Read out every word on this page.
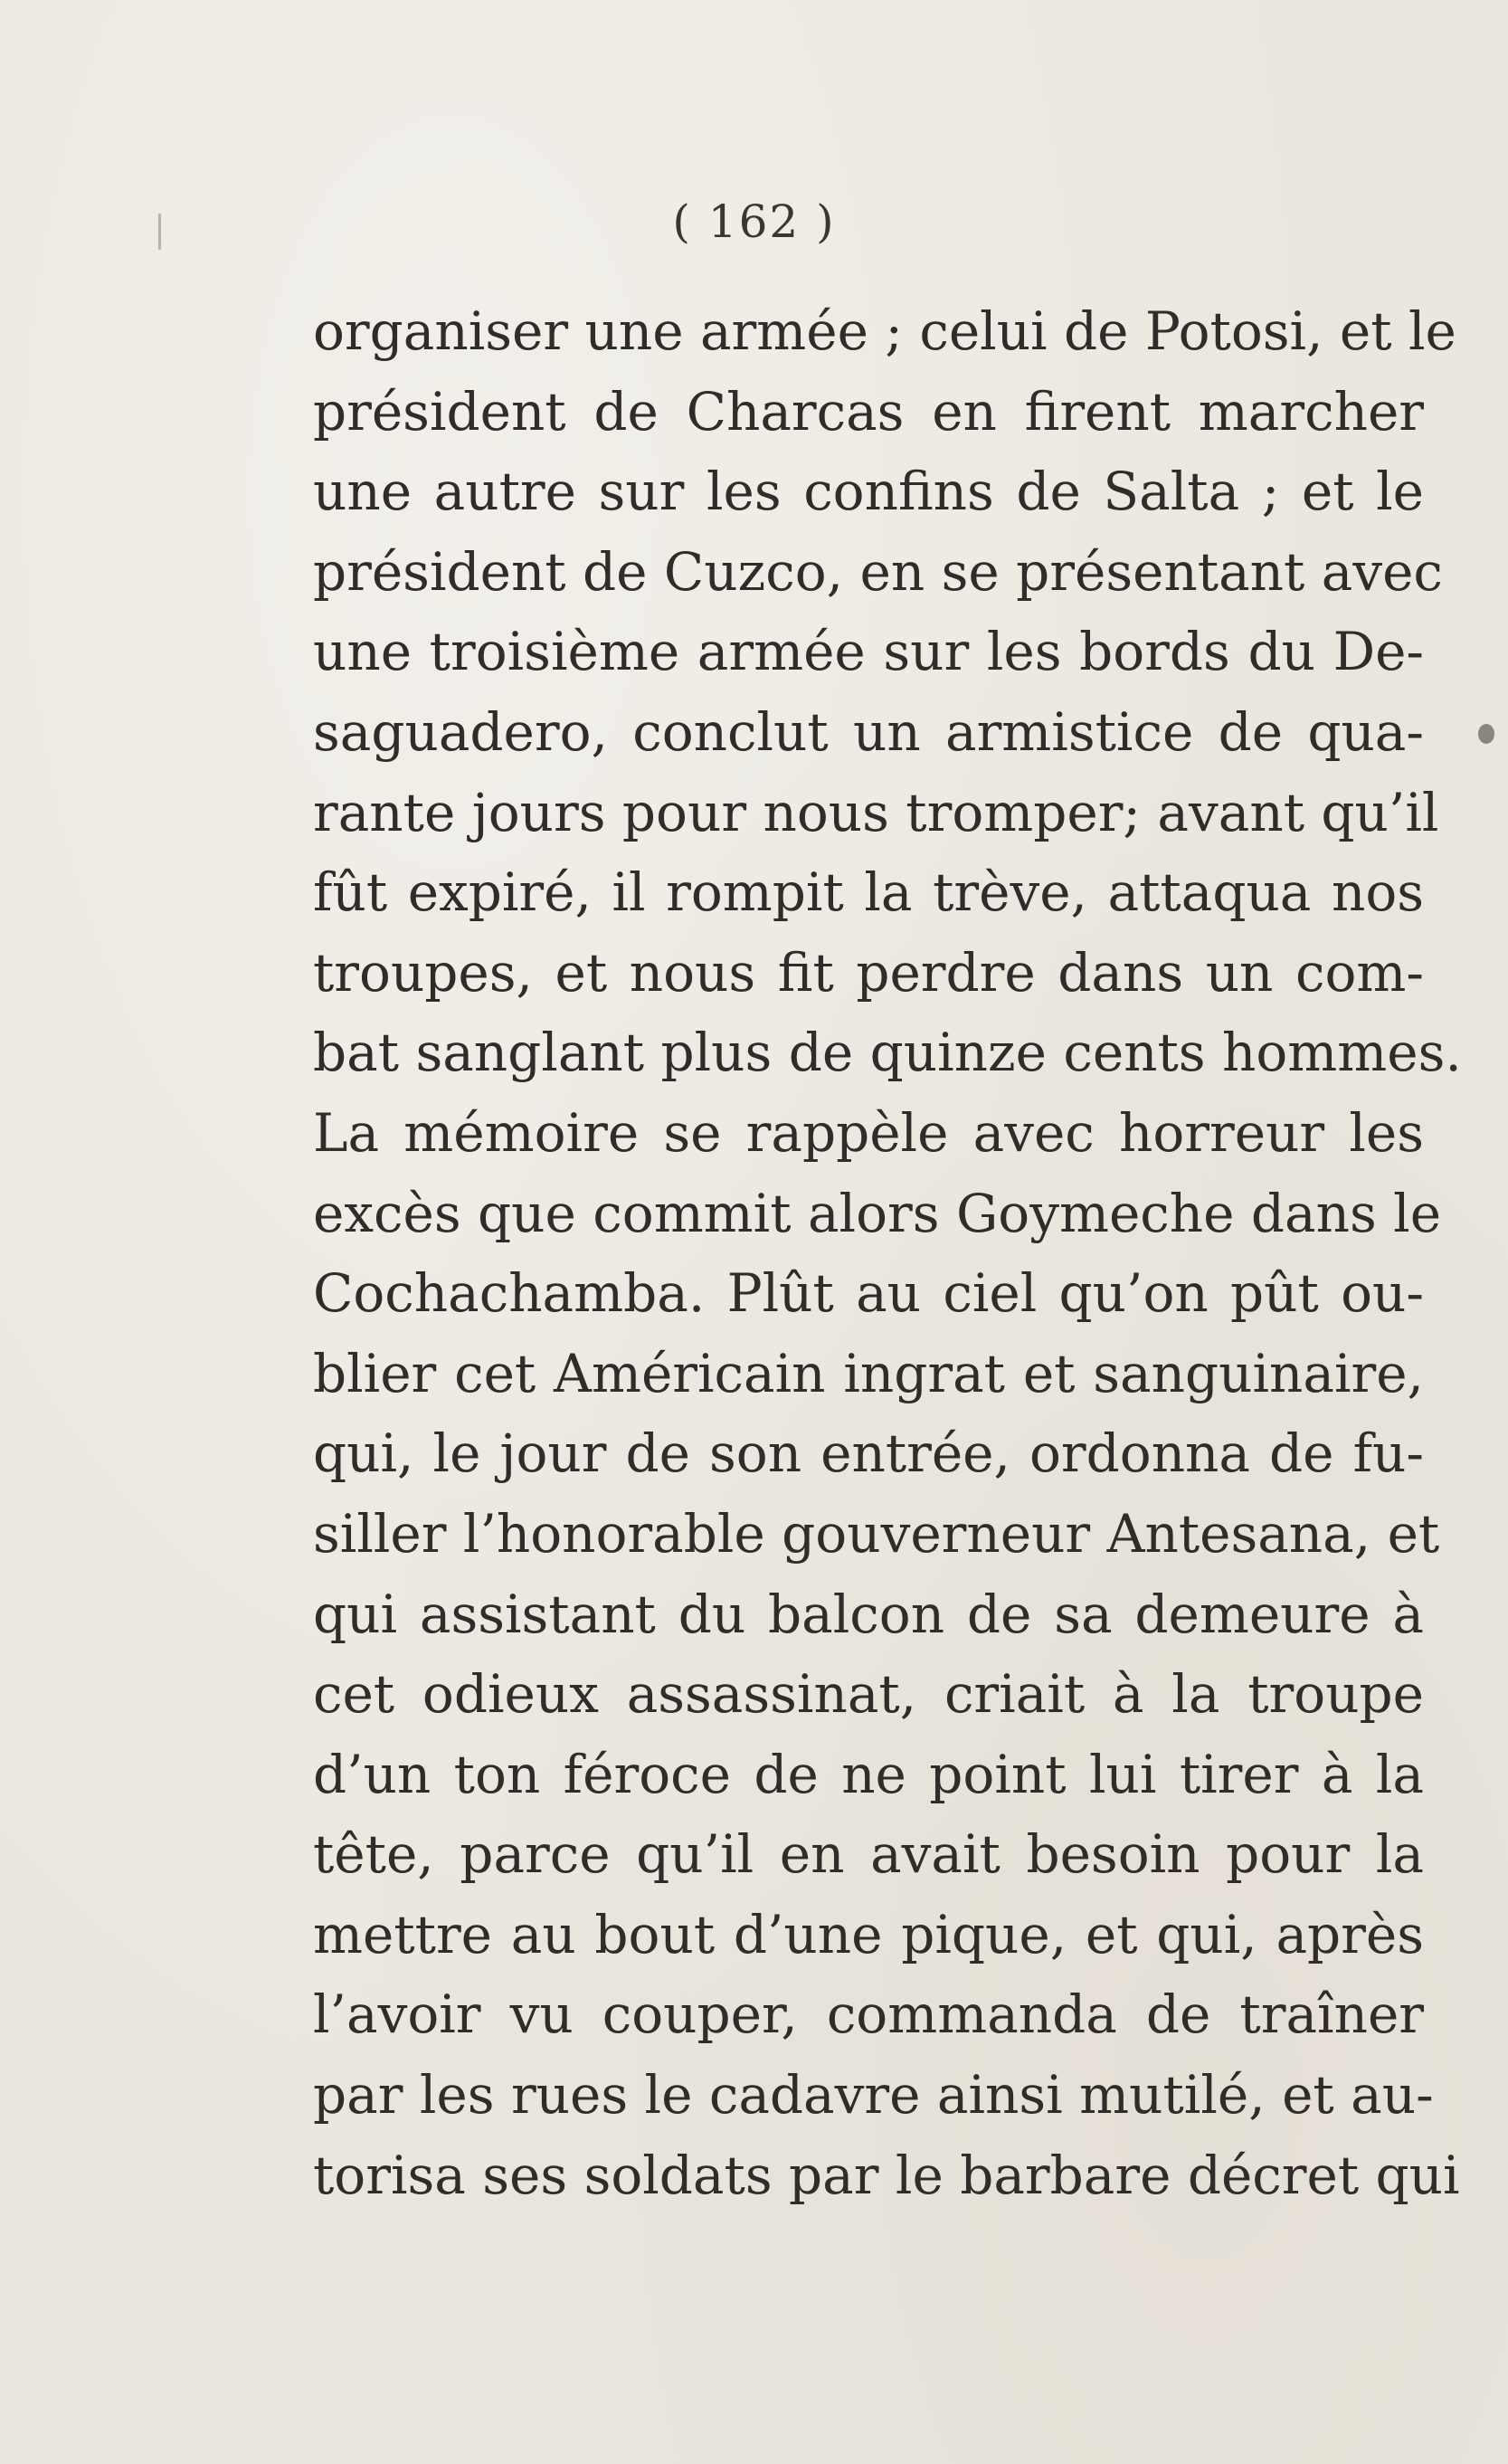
( 162 )
organiser une armée ; celui de Potosi, et le
président de Charcas en firent marcher
une autre sur les confins de Salta ; et le
président de Cuzco, en se présentant avec
une troisième armée sur les bords du De-
saguadero, conclut un armistice de qua-
rante jours pour nous tromper; avant qu’il
fût expiré, il rompit la trève, attaqua nos
troupes, et nous fit perdre dans un com-
bat sanglant plus de quinze cents hommes.
La mémoire se rappèle avec horreur les
excès que commit alors Goymeche dans le
Cochachamba. Plût au ciel qu’on pût ou-
blier cet Américain ingrat et sanguinaire,
qui, le jour de son entrée, ordonna de fu-
siller l’honorable gouverneur Antesana, et
qui assistant du balcon de sa demeure à
cet odieux assassinat, criait à la troupe
d’un ton féroce de ne point lui tirer à la
tête, parce qu’il en avait besoin pour la
mettre au bout d’une pique, et qui, après
l’avoir vu couper, commanda de traîner
par les rues le cadavre ainsi mutilé, et au-
torisa ses soldats par le barbare décret qui
